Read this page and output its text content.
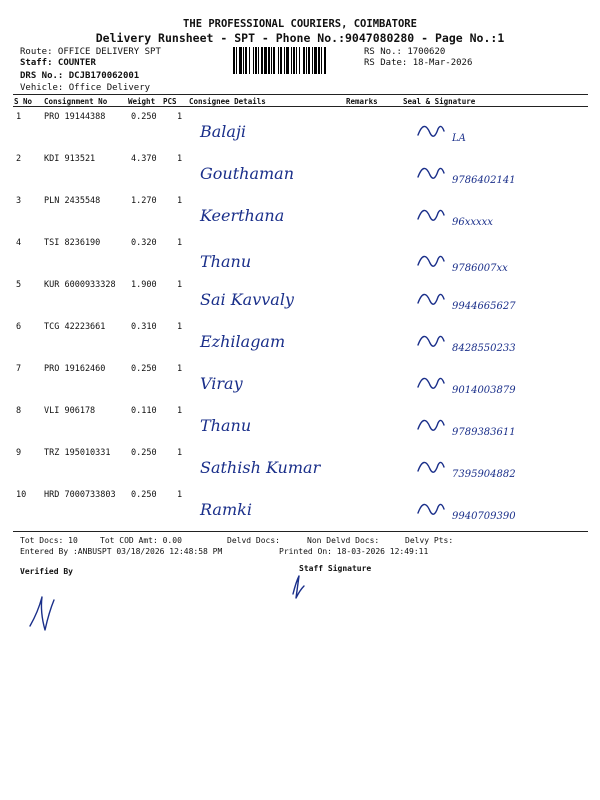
THE PROFESSIONAL COURIERS, COIMBATORE
Delivery Runsheet - SPT - Phone No.:9047080280 - Page No.:1
Route: OFFICE DELIVERY SPT
Staff: COUNTER
DRS No.: DCJB170062001
Vehicle: Office Delivery
RS No.: 1700620
RS Date: 18-Mar-2026
S No Consignment No	Weight PCS Consignee Details	Remarks	Seal & Signature
1	PRO 19144388	0.250 1
Balaji	LA
2	KDI 913521	4.370 1
Gouthaman	9786402141
3	PLN 2435548	1.270 1
Keerthana	96xxxxx
4	TSI 8236190	0.320 1
Thanu	9786007xx
5	KUR 6000933328 1.900 1
Sai Kavvaly	9944665627
6	TCG 42223661	0.310 1
Ezhilagam	8428550233
7	PRO 19162460	0.250 1
Viray	9014003879
8	VLI 906178	0.110 1
Thanu	9789383611
9	TRZ 195010331 0.250 1
Sathish Kumar	7395904882
10 HRD 7000733803 0.250 1
Ramki	9940709390
Tot Docs: 10	Tot COD Amt: 0.00	Delvd Docs:	Non Delvd Docs:	Delvy Pts:
Entered By :ANBUSPT 03/18/2026 12:48:58 PM	Printed On: 18-03-2026 12:49:11
Verified By	Staff Signature
